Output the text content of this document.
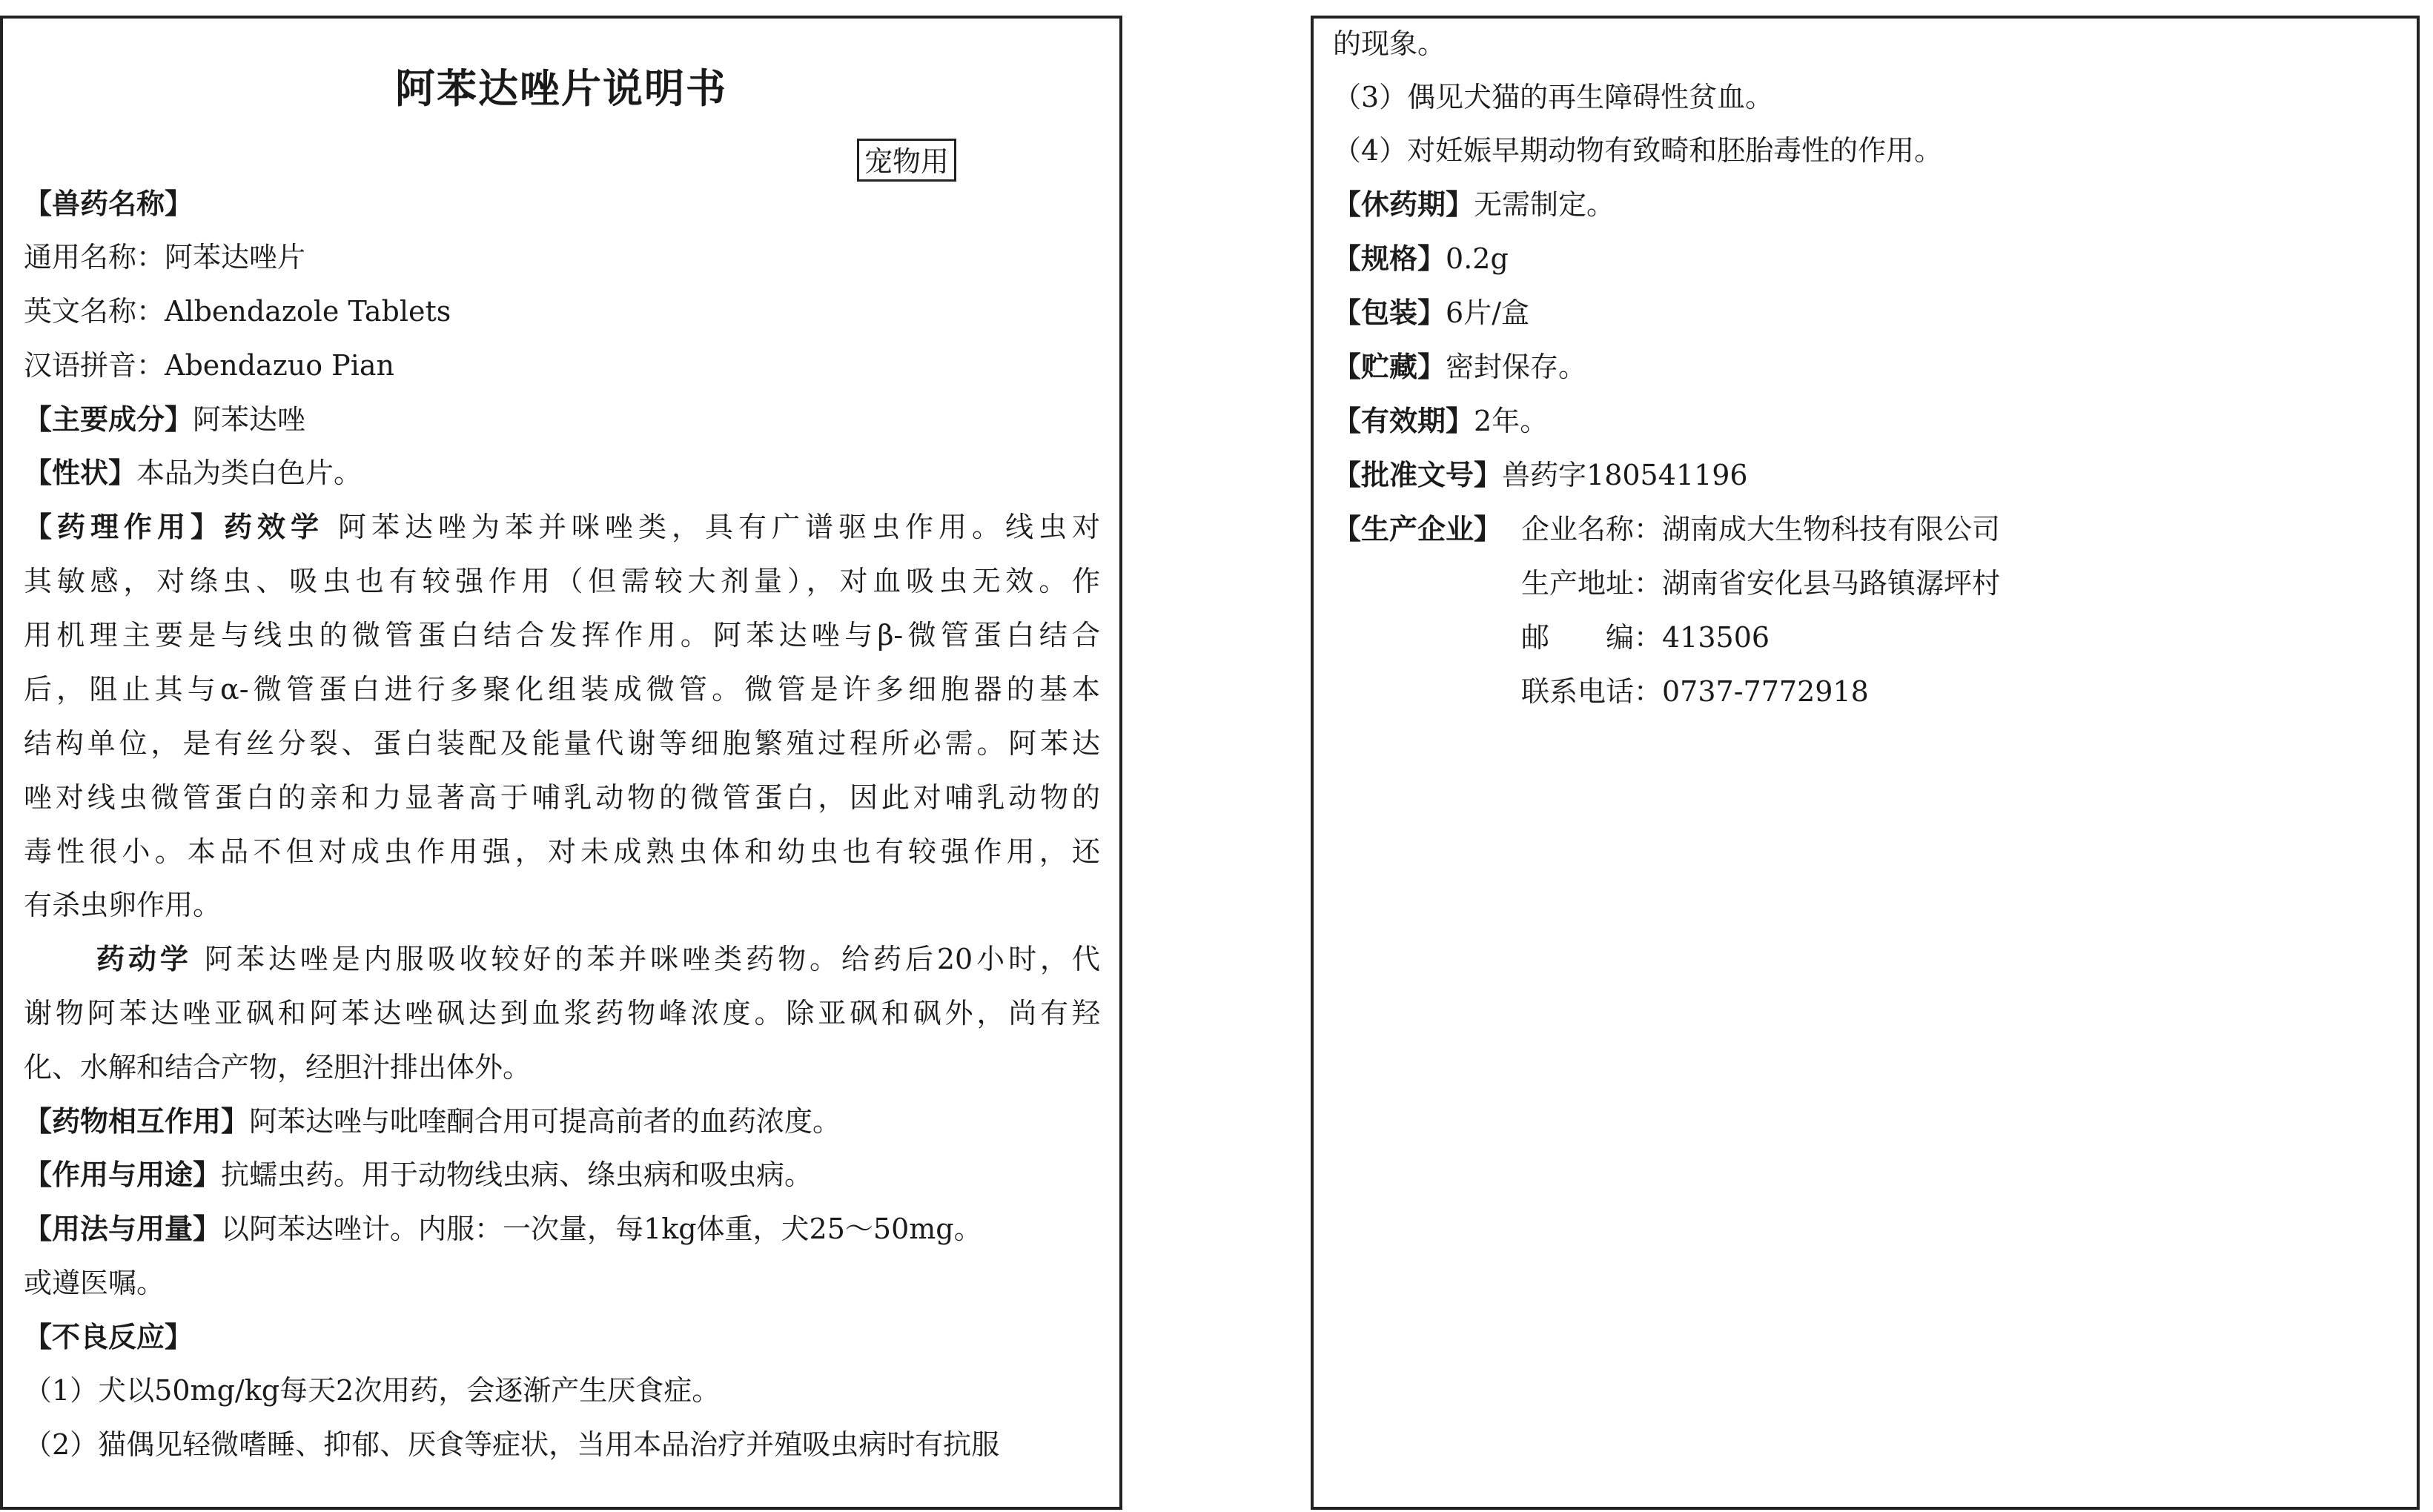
阿苯达唑片说明书
宠物用
【兽药名称】
通用名称：阿苯达唑片
英文名称：Albendazole Tablets
汉语拼音：Abendazuo Pian
【主要成分】阿苯达唑
【性状】本品为类白色片。
【药理作用】药效学 阿苯达唑为苯并咪唑类，具有广谱驱虫作用。线虫对
其敏感，对绦虫、吸虫也有较强作用（但需较大剂量），对血吸虫无效。作
用机理主要是与线虫的微管蛋白结合发挥作用。阿苯达唑与β-微管蛋白结合
后，阻止其与α-微管蛋白进行多聚化组装成微管。微管是许多细胞器的基本
结构单位，是有丝分裂、蛋白装配及能量代谢等细胞繁殖过程所必需。阿苯达
唑对线虫微管蛋白的亲和力显著高于哺乳动物的微管蛋白，因此对哺乳动物的
毒性很小。本品不但对成虫作用强，对未成熟虫体和幼虫也有较强作用，还
有杀虫卵作用。
药动学 阿苯达唑是内服吸收较好的苯并咪唑类药物。给药后20小时，代
谢物阿苯达唑亚砜和阿苯达唑砜达到血浆药物峰浓度。除亚砜和砜外，尚有羟
化、水解和结合产物，经胆汁排出体外。
【药物相互作用】阿苯达唑与吡喹酮合用可提高前者的血药浓度。
【作用与用途】抗蠕虫药。用于动物线虫病、绦虫病和吸虫病。
【用法与用量】以阿苯达唑计。内服：一次量，每1kg体重，犬25～50mg。
或遵医嘱。
【不良反应】
（1）犬以50mg/kg每天2次用药，会逐渐产生厌食症。
（2）猫偶见轻微嗜睡、抑郁、厌食等症状，当用本品治疗并殖吸虫病时有抗服
的现象。
（3）偶见犬猫的再生障碍性贫血。
（4）对妊娠早期动物有致畸和胚胎毒性的作用。
【休药期】无需制定。
【规格】0.2g
【包装】6片/盒
【贮藏】密封保存。
【有效期】2年。
【批准文号】兽药字180541196
【生产企业】 企业名称：湖南成大生物科技有限公司
生产地址：湖南省安化县马路镇潺坪村
邮　　编：413506
联系电话：0737-7772918
